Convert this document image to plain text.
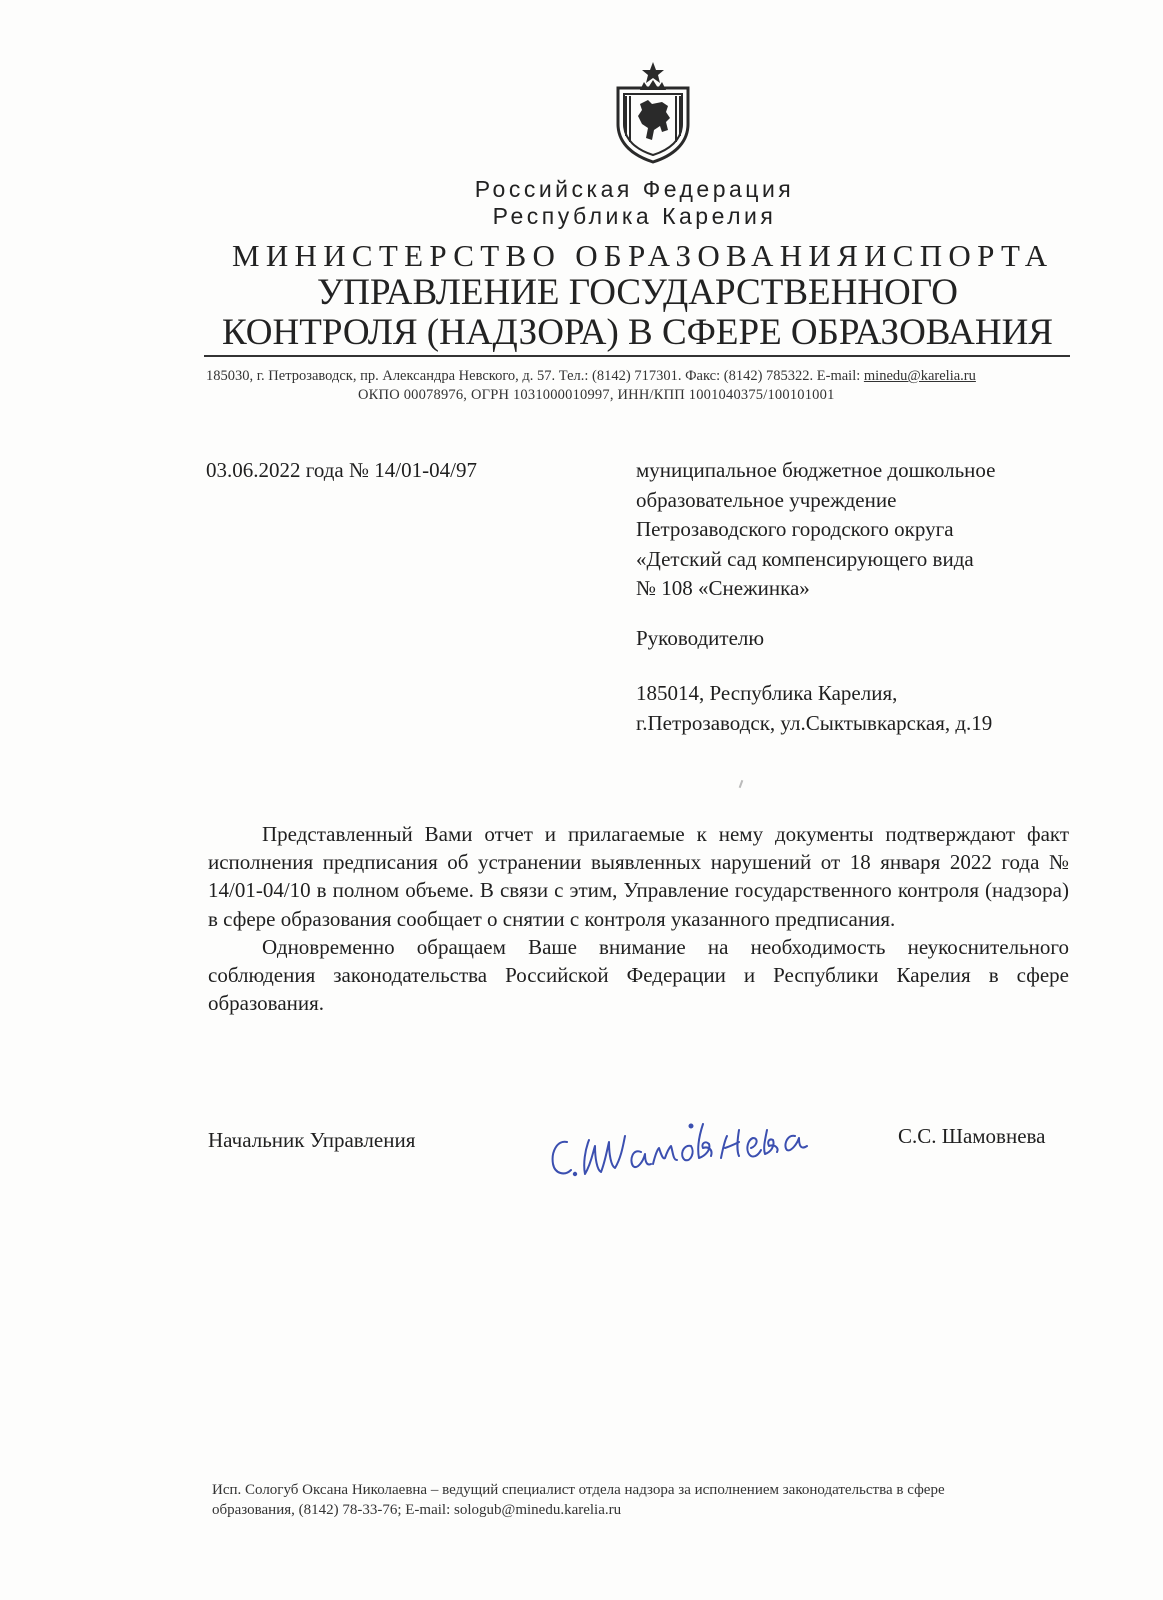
Российская Федерация
Республика Карелия
МИНИСТЕРСТВО ОБРАЗОВАНИЯИСПОРТА
УПРАВЛЕНИЕ ГОСУДАРСТВЕННОГО
КОНТРОЛЯ (НАДЗОРА) В СФЕРЕ ОБРАЗОВАНИЯ
185030, г. Петрозаводск, пр. Александра Невского, д. 57. Тел.: (8142) 717301. Факс: (8142) 785322. E-mail: minedu@karelia.ru
ОКПО 00078976, ОГРН 1031000010997, ИНН/КПП 1001040375/100101001
03.06.2022 года № 14/01-04/97	муниципальное бюджетное дошкольное
образовательное учреждение
Петрозаводского городского округа
«Детский сад компенсирующего вида
№ 108 «Снежинка»
Руководителю
185014, Республика Карелия,
г.Петрозаводск, ул.Сыктывкарская, д.19

Представленный Вами отчет и прилагаемые к нему документы подтверждают факт исполнения предписания об устранении выявленных нарушений от 18 января 2022 года № 14/01-04/10 в полном объеме. В связи с этим, Управление государственного контроля (надзора) в сфере образования сообщает о снятии с контроля указанного предписания.

Одновременно обращаем Ваше внимание на необходимость неукоснительного соблюдения законодательства Российской Федерации и Республики Карелия в сфере образования.

Начальник Управления	С.С. Шамовнева
Исп. Сологуб Оксана Николаевна – ведущий специалист отдела надзора за исполнением законодательства в сфере
образования, (8142) 78-33-76; E-mail: sologub@minedu.karelia.ru
